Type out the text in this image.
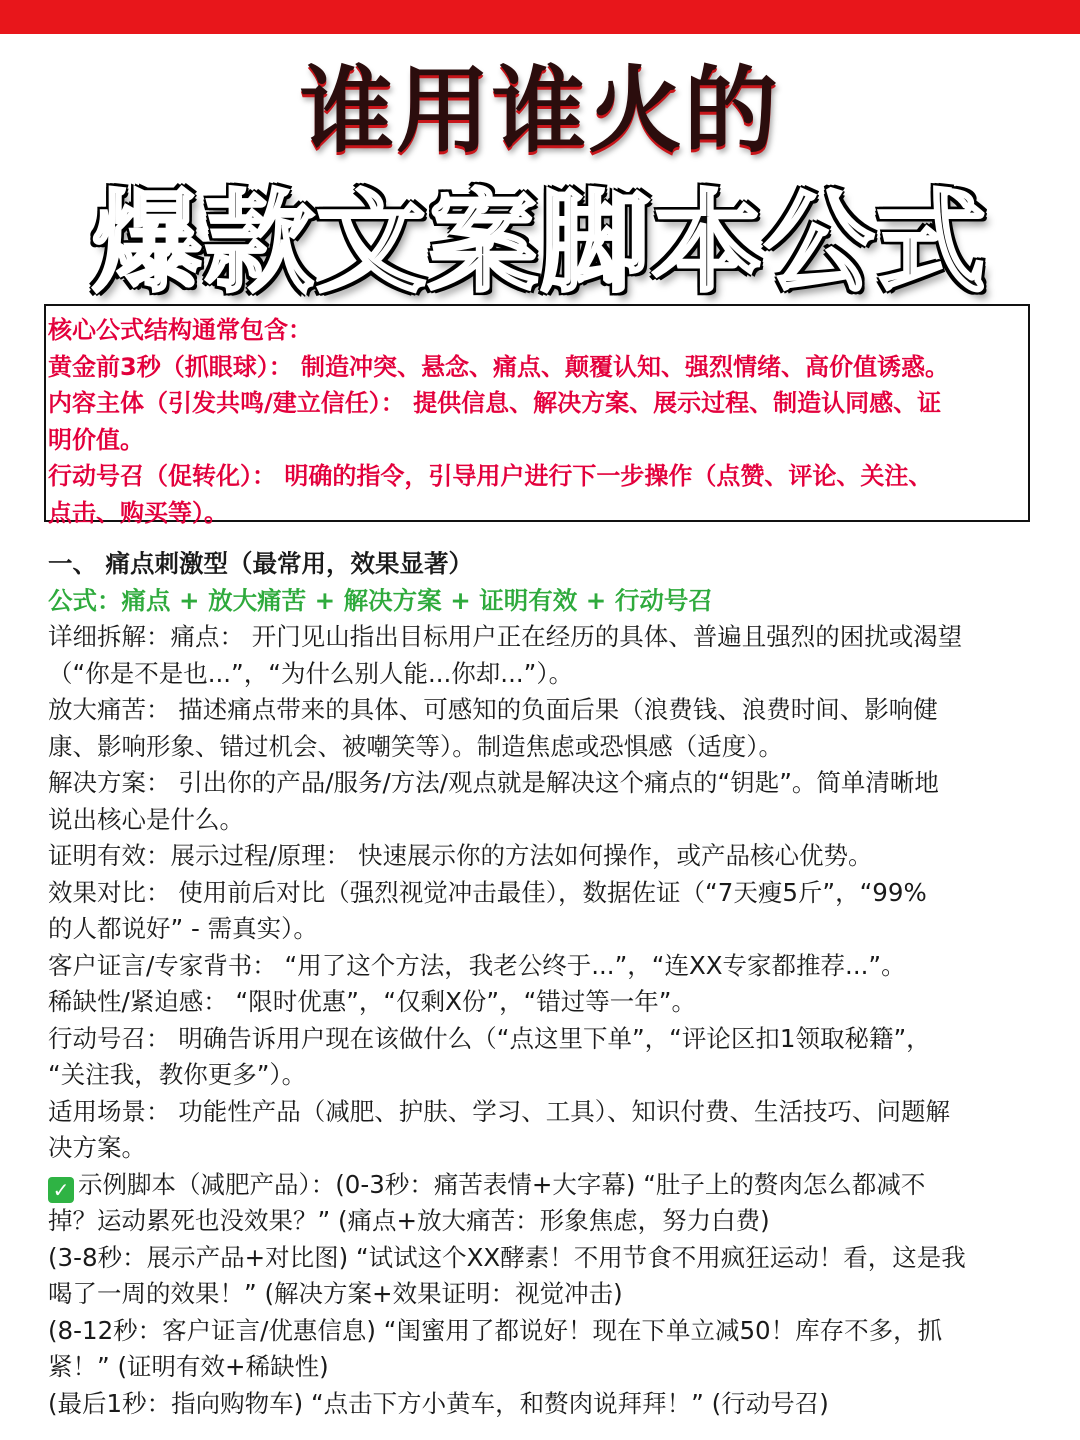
谁用谁火的
爆款文案脚本公式

核心公式结构通常包含：

黄金前3秒（抓眼球）： 制造冲突、悬念、痛点、颠覆认知、强烈情绪、高价值诱惑。

内容主体（引发共鸣/建立信任）： 提供信息、解决方案、展示过程、制造认同感、证

明价值。

行动号召（促转化）： 明确的指令，引导用户进行下一步操作（点赞、评论、关注、

点击、购买等）。

一、 痛点刺激型（最常用，效果显著）

公式：痛点 + 放大痛苦 + 解决方案 + 证明有效 + 行动号召

详细拆解：痛点： 开门见山指出目标用户正在经历的具体、普遍且强烈的困扰或渴望

（“你是不是也...”，“为什么别人能...你却...”）。

放大痛苦： 描述痛点带来的具体、可感知的负面后果（浪费钱、浪费时间、影响健

康、影响形象、错过机会、被嘲笑等）。制造焦虑或恐惧感（适度）。

解决方案： 引出你的产品/服务/方法/观点就是解决这个痛点的“钥匙”。简单清晰地

说出核心是什么。

证明有效：展示过程/原理： 快速展示你的方法如何操作，或产品核心优势。

效果对比： 使用前后对比（强烈视觉冲击最佳），数据佐证（“7天瘦5斤”，“99%

的人都说好” - 需真实）。

客户证言/专家背书： “用了这个方法，我老公终于...”，“连XX专家都推荐...”。

稀缺性/紧迫感： “限时优惠”，“仅剩X份”，“错过等一年”。

行动号召： 明确告诉用户现在该做什么（“点这里下单”，“评论区扣1领取秘籍”，

“关注我，教你更多”）。

适用场景： 功能性产品（减肥、护肤、学习、工具）、知识付费、生活技巧、问题解

决方案。

✓ 示例脚本（减肥产品）：(0-3秒：痛苦表情+大字幕) “肚子上的赘肉怎么都减不

掉？运动累死也没效果？” (痛点+放大痛苦：形象焦虑，努力白费)

(3-8秒：展示产品+对比图) “试试这个XX酵素！不用节食不用疯狂运动！看，这是我

喝了一周的效果！” (解决方案+效果证明：视觉冲击)

(8-12秒：客户证言/优惠信息) “闺蜜用了都说好！现在下单立减50！库存不多，抓

紧！” (证明有效+稀缺性)

(最后1秒：指向购物车) “点击下方小黄车，和赘肉说拜拜！” (行动号召)
